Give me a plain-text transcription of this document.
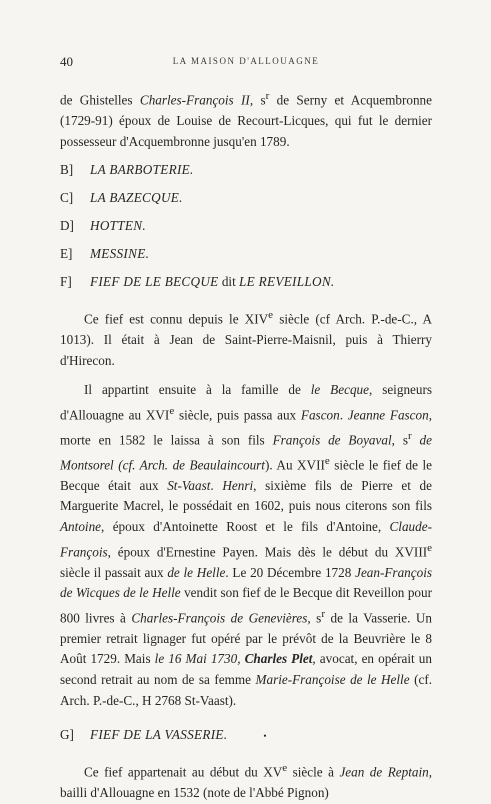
40	LA MAISON D'ALLOUAGNE

de Ghistelles Charles-François II, $s^r$ de Serny et Acquembronne (1729-91) époux de Louise de Recourt-Licques, qui fut le dernier possesseur d'Acquembronne jusqu'en 1789.

B] LA BARBOTERIE.
C] LA BAZECQUE.
D] HOTTEN.
E] MESSINE.
F] FIEF DE LE BECQUE dit LE REVEILLON.

Ce fief est connu depuis le XIVe siècle (cf Arch. P.-de-C., A 1013). Il était à Jean de Saint-Pierre-Maisnil, puis à Thierry d'Hirecon.

Il appartint ensuite à la famille de le Becque, seigneurs d'Allouagne au XVIe siècle, puis passa aux Fascon. Jeanne Fascon, morte en 1582 le laissa à son fils François de Boyaval, $s^r$ de Montsorel (cf. Arch. de Beaulaincourt). Au XVIIe siècle le fief de le Becque était aux St-Vaast. Henri, sixième fils de Pierre et de Marguerite Macrel, le possédait en 1602, puis nous citerons son fils Antoine, époux d'Antoinette Roost et le fils d'Antoine, Claude-François, époux d'Ernestine Payen. Mais dès le début du XVIIIe siècle il passait aux de le Helle. Le 20 Décembre 1728 Jean-François de Wicques de le Helle vendit son fief de le Becque dit Reveillon pour 800 livres à Charles-François de Genevières, $s^r$ de la Vasserie. Un premier retrait lignager fut opéré par le prévôt de la Beuvrière le 8 Août 1729. Mais le 16 Mai 1730, Charles Plet, avocat, en opérait un second retrait au nom de sa femme Marie-Françoise de le Helle (cf. Arch. P.-de-C., H 2768 St-Vaast).

G] FIEF DE LA VASSERIE.	•

Ce fief appartenait au début du XVe siècle à Jean de Reptain, bailli d'Allouagne en 1532 (note de l'Abbé Pignon)
